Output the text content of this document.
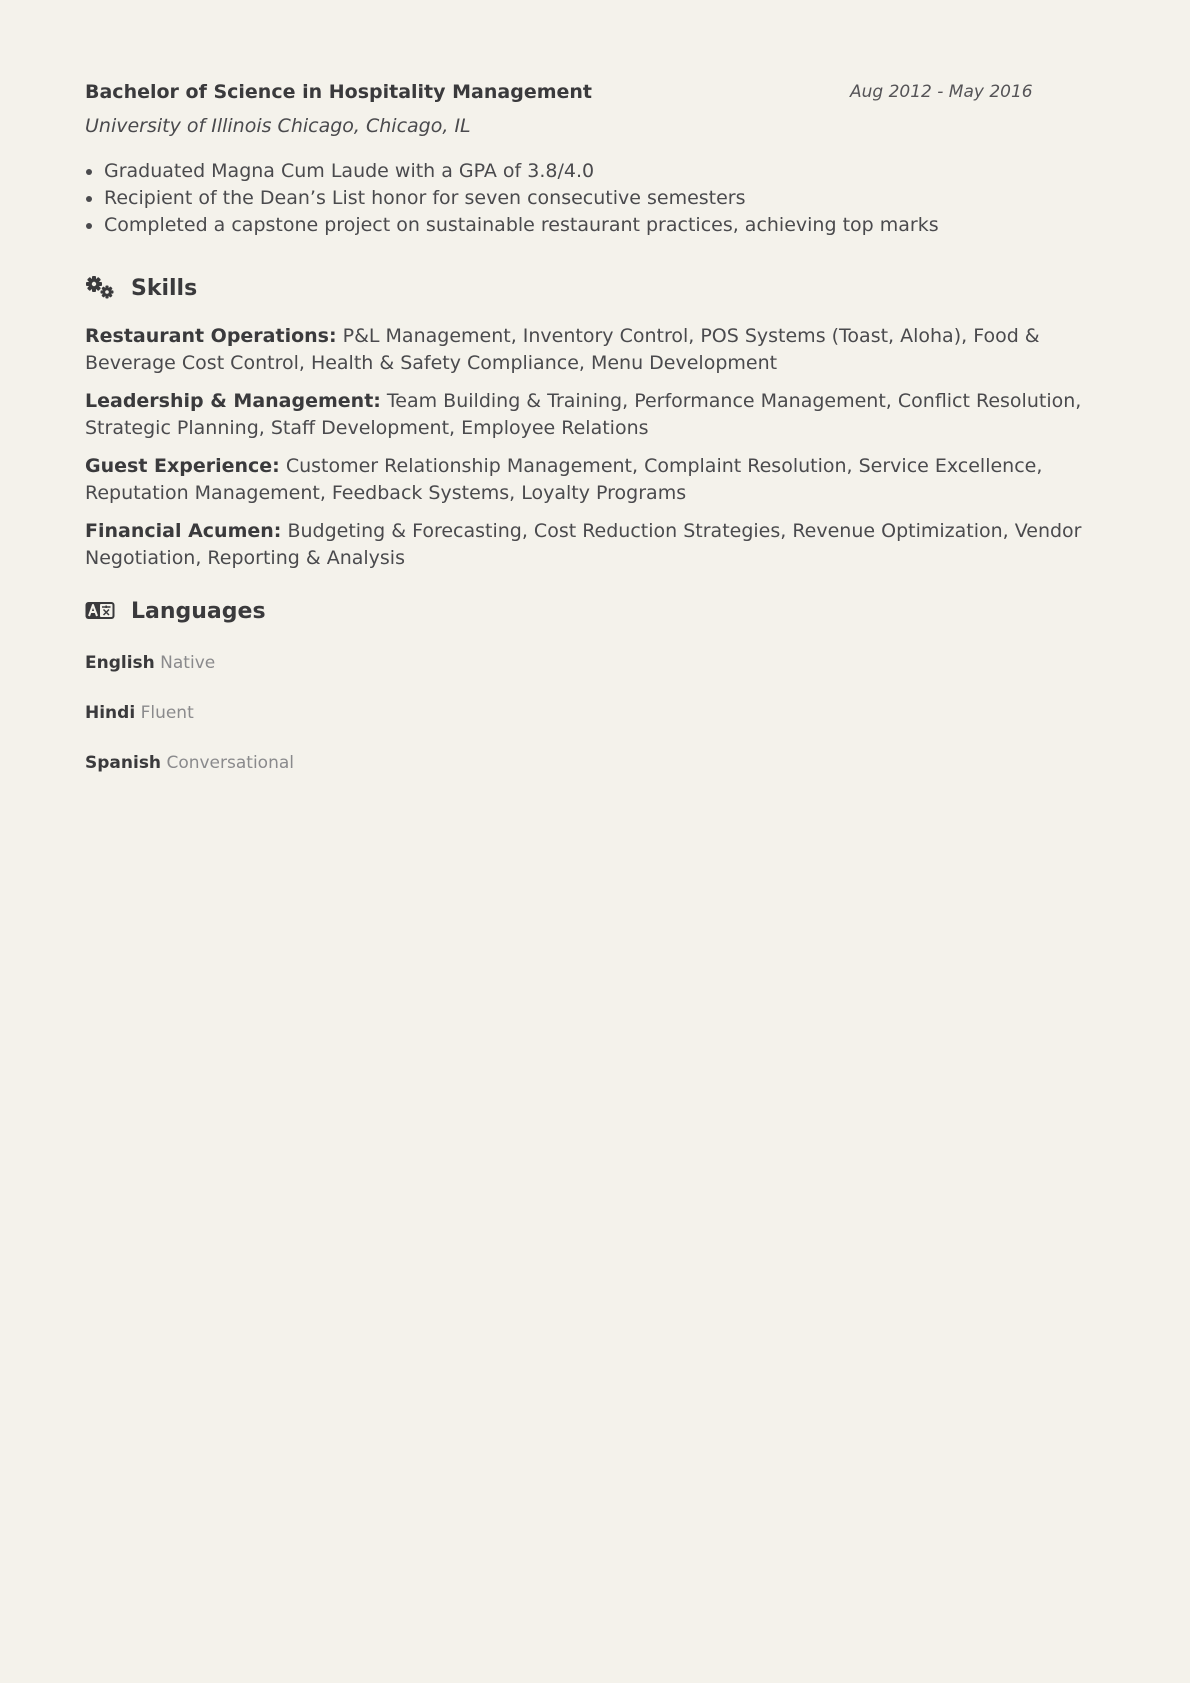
Bachelor of Science in Hospitality Management	Aug 2012 - May 2016
University of Illinois Chicago, Chicago, IL
• Graduated Magna Cum Laude with a GPA of 3.8/4.0
• Recipient of the Dean’s List honor for seven consecutive semesters
• Completed a capstone project on sustainable restaurant practices, achieving top marks
Skills
Restaurant Operations: P&L Management, Inventory Control, POS Systems (Toast, Aloha), Food & Beverage Cost Control, Health & Safety Compliance, Menu Development
Leadership & Management: Team Building & Training, Performance Management, Conflict Resolution, Strategic Planning, Staff Development, Employee Relations
Guest Experience: Customer Relationship Management, Complaint Resolution, Service Excellence, Reputation Management, Feedback Systems, Loyalty Programs
Financial Acumen: Budgeting & Forecasting, Cost Reduction Strategies, Revenue Optimization, Vendor Negotiation, Reporting & Analysis
Languages
English Native
Hindi Fluent
Spanish Conversational
